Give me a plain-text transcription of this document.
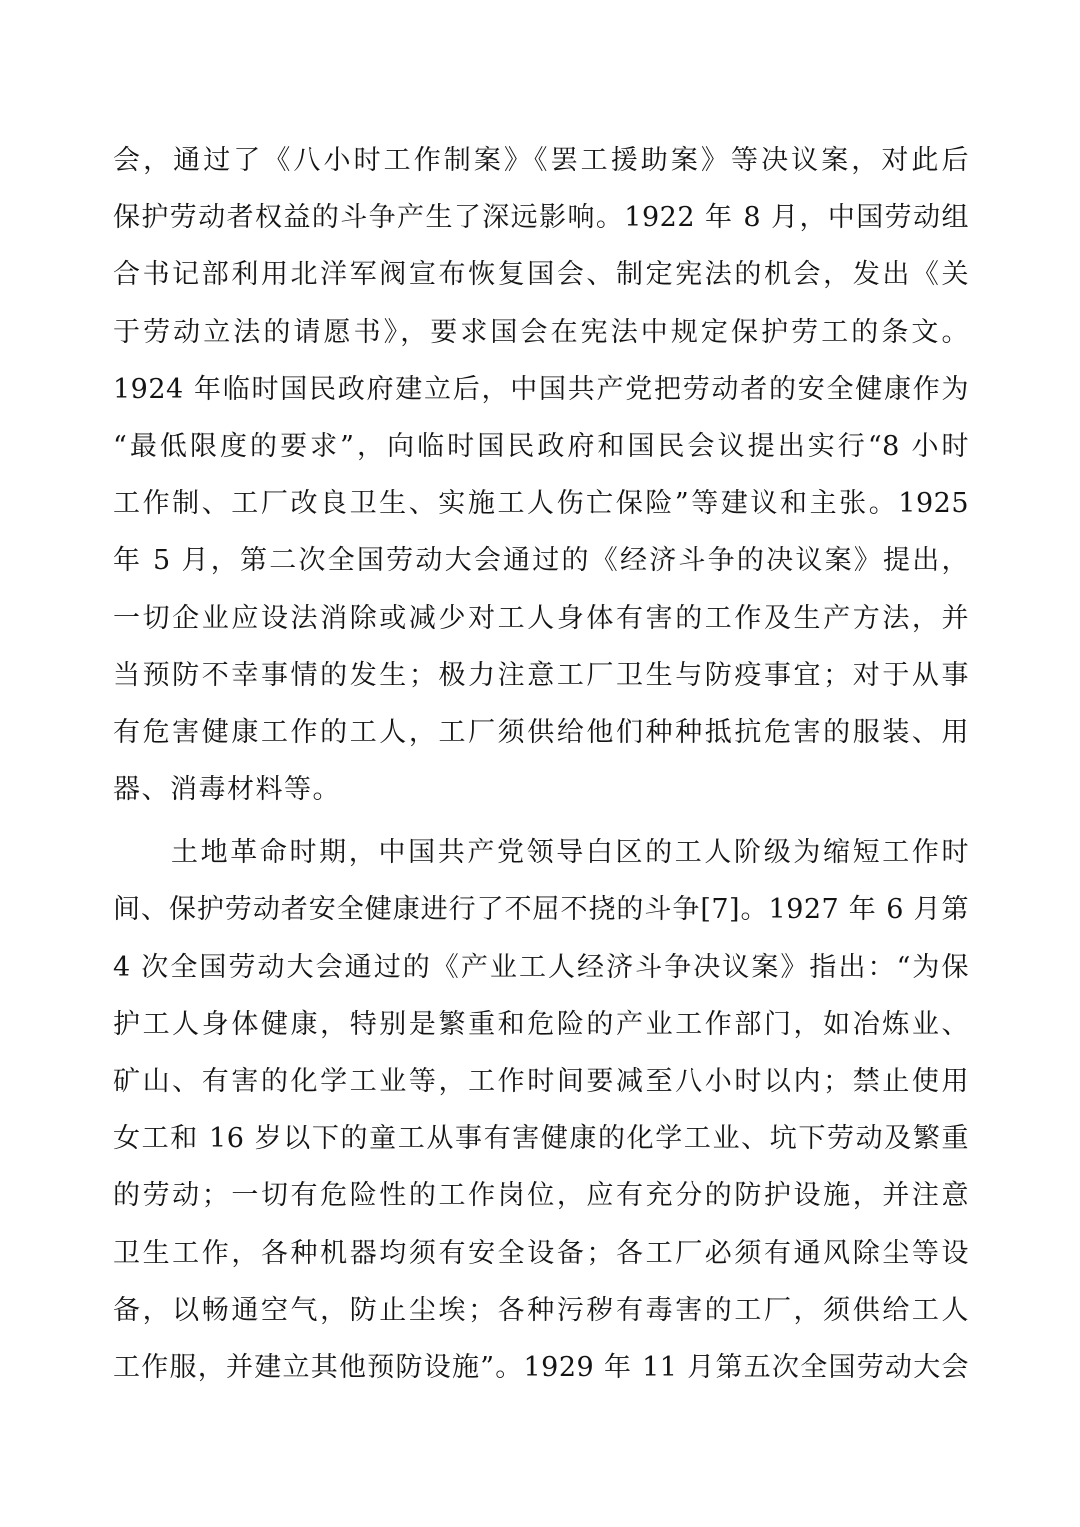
会，通过了《八小时工作制案》《罢工援助案》等决议案，对此后
保护劳动者权益的斗争产生了深远影响。1922 年 8 月，中国劳动组
合书记部利用北洋军阀宣布恢复国会、制定宪法的机会，发出《关
于劳动立法的请愿书》，要求国会在宪法中规定保护劳工的条文。
1924 年临时国民政府建立后，中国共产党把劳动者的安全健康作为
“最低限度的要求”，向临时国民政府和国民会议提出实行“8 小时
工作制、工厂改良卫生、实施工人伤亡保险”等建议和主张。1925
年 5 月，第二次全国劳动大会通过的《经济斗争的决议案》提出，
一切企业应设法消除或减少对工人身体有害的工作及生产方法，并
当预防不幸事情的发生；极力注意工厂卫生与防疫事宜；对于从事
有危害健康工作的工人，工厂须供给他们种种抵抗危害的服装、用
器、消毒材料等。
土地革命时期，中国共产党领导白区的工人阶级为缩短工作时
间、保护劳动者安全健康进行了不屈不挠的斗争[7]。1927 年 6 月第
4 次全国劳动大会通过的《产业工人经济斗争决议案》指出：“为保
护工人身体健康，特别是繁重和危险的产业工作部门，如冶炼业、
矿山、有害的化学工业等，工作时间要减至八小时以内；禁止使用
女工和 16 岁以下的童工从事有害健康的化学工业、坑下劳动及繁重
的劳动；一切有危险性的工作岗位，应有充分的防护设施，并注意
卫生工作，各种机器均须有安全设备；各工厂必须有通风除尘等设
备，以畅通空气，防止尘埃；各种污秽有毒害的工厂，须供给工人
工作服，并建立其他预防设施”。1929 年 11 月第五次全国劳动大会
